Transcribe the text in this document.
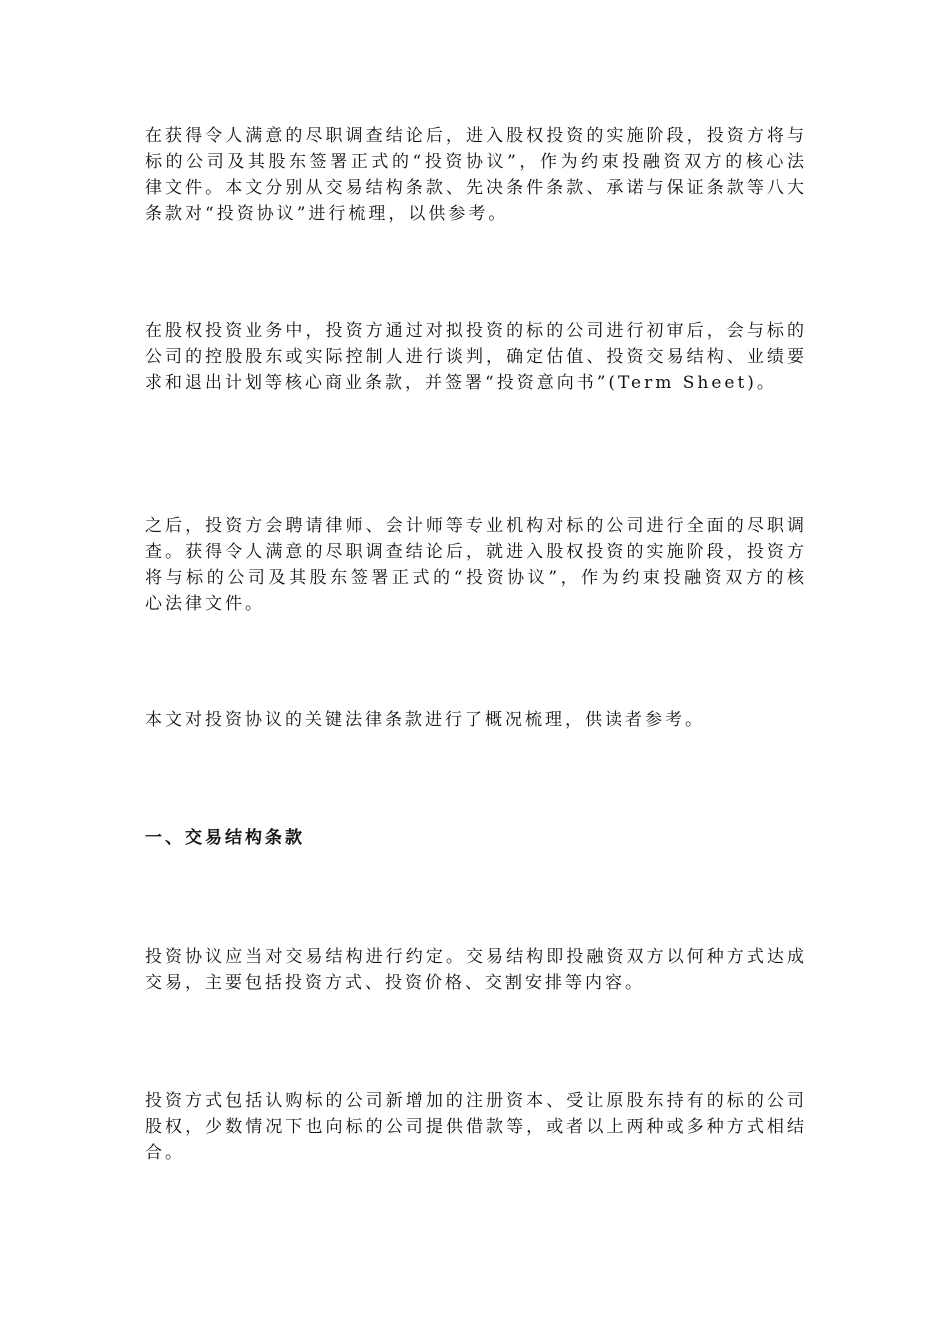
在获得令人满意的尽职调查结论后，进入股权投资的实施阶段，投资方将与标的公司及其股东签署正式的“投资协议”，作为约束投融资双方的核心法律文件。本文分别从交易结构条款、先决条件条款、承诺与保证条款等八大条款对“投资协议”进行梳理，以供参考。

在股权投资业务中，投资方通过对拟投资的标的公司进行初审后，会与标的公司的控股股东或实际控制人进行谈判，确定估值、投资交易结构、业绩要求和退出计划等核心商业条款，并签署“投资意向书”(Term Sheet)。

之后，投资方会聘请律师、会计师等专业机构对标的公司进行全面的尽职调查。获得令人满意的尽职调查结论后，就进入股权投资的实施阶段，投资方将与标的公司及其股东签署正式的“投资协议”，作为约束投融资双方的核心法律文件。

本文对投资协议的关键法律条款进行了概况梳理，供读者参考。

一、交易结构条款

投资协议应当对交易结构进行约定。交易结构即投融资双方以何种方式达成交易，主要包括投资方式、投资价格、交割安排等内容。

投资方式包括认购标的公司新增加的注册资本、受让原股东持有的标的公司股权，少数情况下也向标的公司提供借款等，或者以上两种或多种方式相结合。
